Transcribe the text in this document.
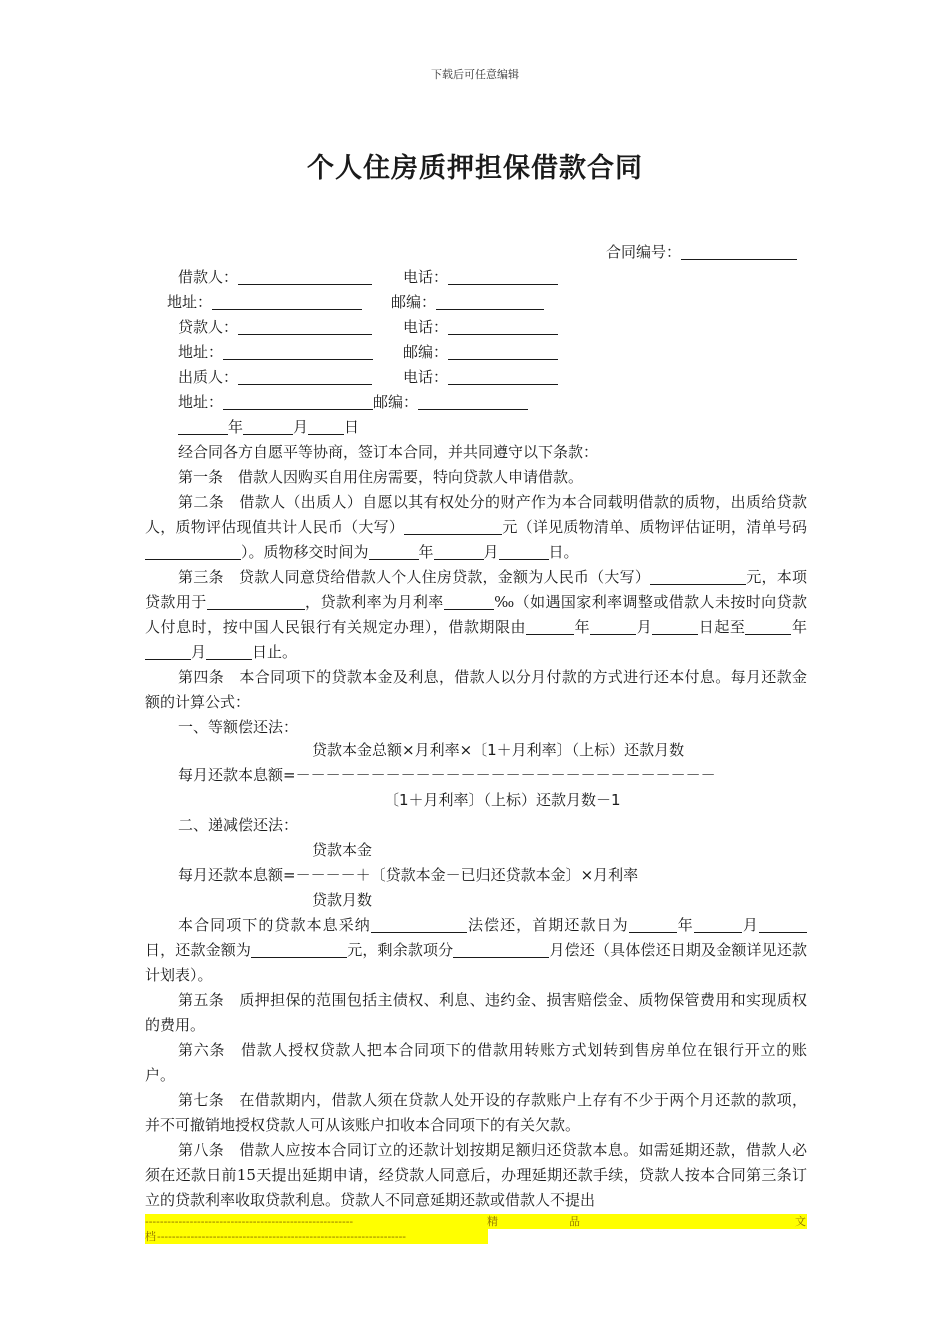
下载后可任意编辑
个人住房质押担保借款合同
合同编号：
借款人：	电话：
地址：	邮编：
贷款人：	电话：
地址：	邮编：
出质人：	电话：
地址：	邮编：
年	月 日

经合同各方自愿平等协商，签订本合同，并共同遵守以下条款：

第一条　借款人因购买自用住房需要，特向贷款人申请借款。

第二条　借款人（出质人）自愿以其有权处分的财产作为本合同载明借款的质物，出质给贷款人，质物评估现值共计人民币（大写）	元（详见质物清单、质物评估证明，清单号码）。质物移交时间为	年	月	日。

第三条　贷款人同意贷给借款人个人住房贷款，金额为人民币（大写）	元，本项贷款用于	，贷款利率为月利率	‰（如遇国家利率调整或借款人未按时向贷款人付息时，按中国人民银行有关规定办理），借款期限由	年	月	日起至	年月	日止。

第四条　本合同项下的贷款本金及利息，借款人以分月付款的方式进行还本付息。每月还款金额的计算公式：

一、等额偿还法：

贷款本金总额×月利率×〔1＋月利率〕（上标）还款月数
每月还款本息额=－－－－－－－－－－－－－－－－－－－－－－－－－－－－
〔1＋月利率〕（上标）还款月数－1
二、递减偿还法：
贷款本金
每月还款本息额=－－－－＋〔贷款本金－已归还贷款本金〕×月利率
贷款月数

本合同项下的贷款本息采纳	法偿还，首期还款日为	年	月日，还款金额为	元，剩余款项分	月偿还（具体偿还日期及金额详见还款计划表）。

第五条　质押担保的范围包括主债权、利息、违约金、损害赔偿金、质物保管费用和实现质权的费用。

第六条　借款人授权贷款人把本合同项下的借款用转账方式划转到售房单位在银行开立的账户。

第七条　在借款期内，借款人须在贷款人处开设的存款账户上存有不少于两个月还款的款项，并不可撤销地授权贷款人可从该账户扣收本合同项下的有关欠款。

第八条　借款人应按本合同订立的还款计划按期足额归还贷款本息。如需延期还款，借款人必须在还款日前15天提出延期申请，经贷款人同意后，办理延期还款手续，贷款人按本合同第三条订立的贷款利率收取贷款利息。贷款人不同意延期还款或借款人不提出

--------------------------------------------------------	精	品	文
档 -------------------------------------------------------------------
